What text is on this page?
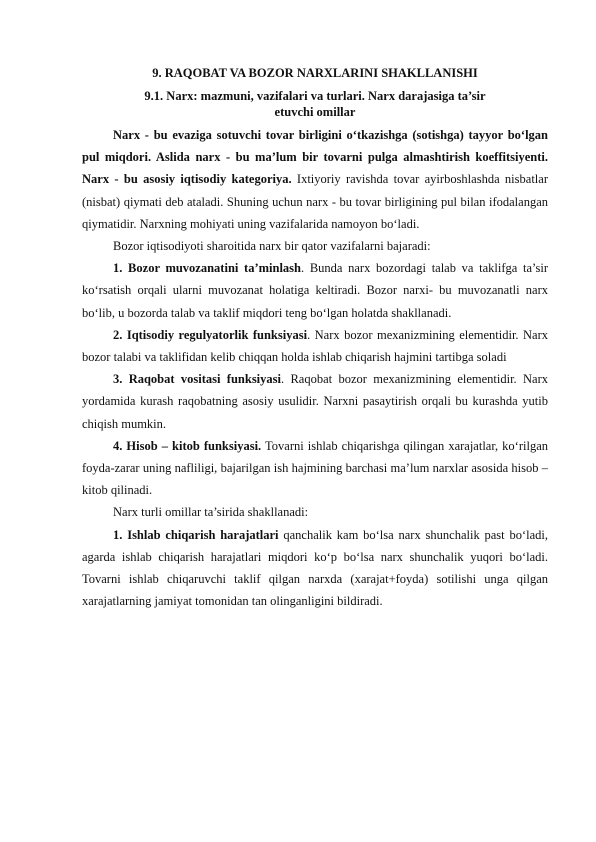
9. RAQOBAT VA BOZOR NARXLARINI SHAKLLANISHI
9.1. Narx: mazmuni, vazifalari va turlari. Narx darajasiga ta’sir
etuvchi omillar

Narx - bu evaziga sotuvchi tovar birligini o‘tkazishga (sotishga) tayyor bo‘lgan pul miqdori. Aslida narx - bu ma’lum bir tovarni pulga almashtirish koeffitsiyenti. Narx - bu asosiy iqtisodiy kategoriya. Ixtiyoriy ravishda tovar ayirboshlashda nisbatlar (nisbat) qiymati deb ataladi. Shuning uchun narx - bu tovar birligining pul bilan ifodalangan qiymatidir. Narxning mohiyati uning vazifalarida namoyon bo‘ladi.

Bozor iqtisodiyoti sharoitida narx bir qator vazifalarni bajaradi:

1. Bozor muvozanatini ta’minlash. Bunda narx bozordagi talab va taklifga ta’sir ko‘rsatish orqali ularni muvozanat holatiga keltiradi. Bozor narxi- bu muvozanatli narx bo‘lib, u bozorda talab va taklif miqdori teng bo‘lgan holatda shakllanadi.

2. Iqtisodiy regulyatorlik funksiyasi. Narx bozor mexanizmining elementidir. Narx bozor talabi va taklifidan kelib chiqqan holda ishlab chiqarish hajmini tartibga soladi

3. Raqobat vositasi funksiyasi. Raqobat bozor mexanizmining elementidir. Narx yordamida kurash raqobatning asosiy usulidir. Narxni pasaytirish orqali bu kurashda yutib chiqish mumkin.

4. Hisob – kitob funksiyasi. Tovarni ishlab chiqarishga qilingan xarajatlar, ko‘rilgan foyda-zarar uning nafliligi, bajarilgan ish hajmining barchasi ma’lum narxlar asosida hisob –kitob qilinadi.

Narx turli omillar ta’sirida shakllanadi:

1. Ishlab chiqarish harajatlari qanchalik kam bo‘lsa narx shunchalik past bo‘ladi, agarda ishlab chiqarish harajatlari miqdori ko‘p bo‘lsa narx shunchalik yuqori bo‘ladi. Tovarni ishlab chiqaruvchi taklif qilgan narxda (xarajat+foyda) sotilishi unga qilgan xarajatlarning jamiyat tomonidan tan olinganligini bildiradi.
